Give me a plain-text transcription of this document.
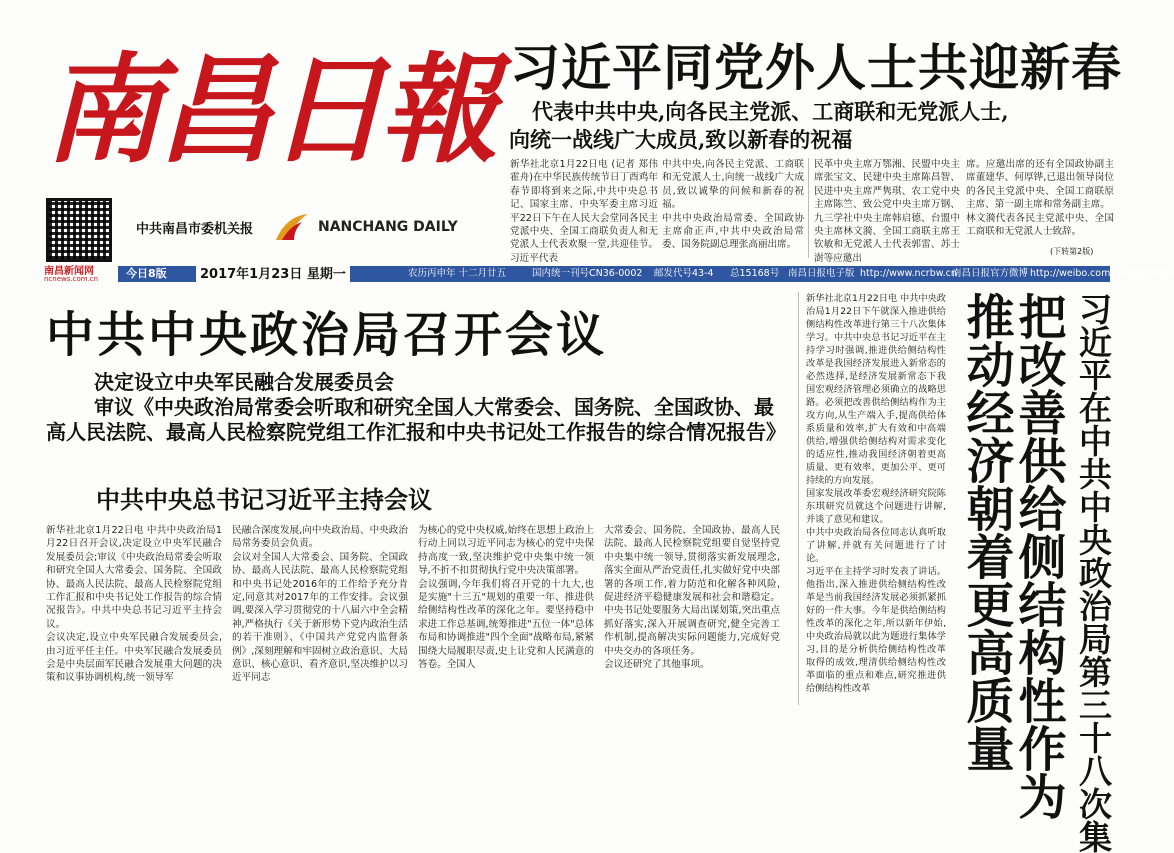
南昌日報
南昌新闻网
ncnews.com.cn
中共南昌市委机关报	NANCHANG DAILY
习近平同党外人士共迎新春
代表中共中央,向各民主党派、工商联和无党派人士,
向统一战线广大成员,致以新春的祝福
新华社北京1月22日电 (记者 郑伟 霍舟)在中华民族传统节日丁酉鸡年春节即将到来之际,中共中央总书记、国家主席、中央军委主席习近平22日下午在人民大会堂同各民主党派中央、全国工商联负责人和无党派人士代表欢聚一堂,共迎佳节。习近平代表
中共中央,向各民主党派、工商联和无党派人士,向统一战线广大成员,致以诚挚的问候和新春的祝福。
中共中央政治局常委、全国政协主席俞正声,中共中央政治局常委、国务院副总理张高丽出席。
民革中央主席万鄂湘、民盟中央主席张宝文、民建中央主席陈昌智、民进中央主席严隽琪、农工党中央主席陈竺、致公党中央主席万钢、九三学社中央主席韩启德、台盟中央主席林文漪、全国工商联主席王钦敏和无党派人士代表郭雷、苏士澍等应邀出
席。应邀出席的还有全国政协副主席董建华、何厚铧,已退出领导岗位的各民主党派中央、全国工商联原主席、第一副主席和常务副主席。
林文漪代表各民主党派中央、全国工商联和无党派人士致辞。
(下转第2版)
农历丙申年 十二月廿五	国内统一刊号CN36-0002 邮发代号43-4 总15168号 南昌日报电子版 http://www.ncrbw.cn
南昌日报官方微博 http://weibo.com/3143022404
今日8版	2017年1月23日 星期一
中共中央政治局召开会议
决定设立中央军民融合发展委员会
审议《中央政治局常委会听取和研究全国人大常委会、国务院、全国政协、最高人民法院、最高人民检察院党组工作汇报和中央书记处工作报告的综合情况报告》
中共中央总书记习近平主持会议
新华社北京1月22日电 中共中央政治局1月22日召开会议,决定设立中央军民融合发展委员会;审议《中央政治局常委会听取和研究全国人大常委会、国务院、全国政协、最高人民法院、最高人民检察院党组工作汇报和中央书记处工作报告的综合情况报告》。中共中央总书记习近平主持会议。
会议决定,设立中央军民融合发展委员会,由习近平任主任。中央军民融合发展委员会是中央层面军民融合发展重大问题的决策和议事协调机构,统一领导军
民融合深度发展,向中央政治局、中央政治局常务委员会负责。
会议对全国人大常委会、国务院、全国政协、最高人民法院、最高人民检察院党组和中央书记处2016年的工作给予充分肯定,同意其对2017年的工作安排。会议强调,要深入学习贯彻党的十八届六中全会精神,严格执行《关于新形势下党内政治生活的若干准则》、《中国共产党党内监督条例》,深刻理解和牢固树立政治意识、大局意识、核心意识、看齐意识,坚决维护以习近平同志
为核心的党中央权威,始终在思想上政治上行动上同以习近平同志为核心的党中央保持高度一致,坚决维护党中央集中统一领导,不折不扣贯彻执行党中央决策部署。
会议强调,今年我们将召开党的十九大,也是实施"十三五"规划的重要一年、推进供给侧结构性改革的深化之年。要坚持稳中求进工作总基调,统筹推进"五位一体"总体布局和协调推进"四个全面"战略布局,紧紧围绕大局履职尽责,史上让党和人民满意的答卷。全国人
大常委会、国务院、全国政协、最高人民法院、最高人民检察院党组要自觉坚持党中央集中统一领导,贯彻落实新发展理念,落实全面从严治党责任,扎实做好党中央部署的各项工作,着力防范和化解各种风险,促进经济平稳健康发展和社会和谐稳定。中央书记处要服务大局出谋划策,突出重点抓好落实,深入开展调查研究,健全完善工作机制,提高解决实际问题能力,完成好党中央交办的各项任务。
会议还研究了其他事项。
新华社北京1月22日电 中共中央政治局1月22日下午就深入推进供给侧结构性改革进行第三十八次集体学习。中共中央总书记习近平在主持学习时强调,推进供给侧结构性改革是我国经济发展进入新常态的必然选择,是经济发展新常态下我国宏观经济管理必须确立的战略思路。必须把改善供给侧结构作为主攻方向,从生产端入手,提高供给体系质量和效率,扩大有效和中高端供给,增强供给侧结构对需求变化的适应性,推动我国经济朝着更高质量、更有效率、更加公平、更可持续的方向发展。
国家发展改革委宏观经济研究院陈东琪研究员就这个问题进行讲解,并谈了意见和建议。
中共中央政治局各位同志认真听取了讲解,并就有关问题进行了讨论。
习近平在主持学习时发表了讲话。他指出,深入推进供给侧结构性改革是当前我国经济发展必须抓紧抓好的一件大事。今年是供给侧结构性改革的深化之年,所以新年伊始,中央政治局就以此为题进行集体学习,目的是分析供给侧结构性改革取得的成效,理清供给侧结构性改革面临的重点和难点,研究推进供给侧结构性改革	习近平在中共中央政治局第三十八次集
把改善供给侧结构性作为
推动经济朝着更高质量
